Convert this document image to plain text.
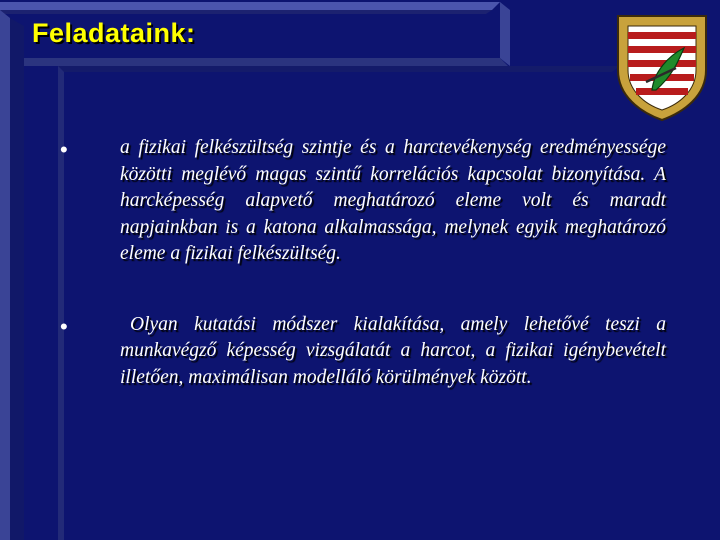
Feladataink:
•	a fizikai felkészültség szintje és a harctevékenység eredményessége közötti meglévő magas szintű korrelációs kapcsolat bizonyítása. A harcképesség alapvető meghatározó eleme volt és maradt napjainkban is a katona alkalmassága, melynek egyik meghatározó eleme a fizikai felkészültség.
•	Olyan kutatási módszer kialakítása, amely lehetővé teszi a munkavégző képesség vizsgálatát a harcot, a fizikai igénybevételt illetően, maximálisan modelláló körülmények között.
